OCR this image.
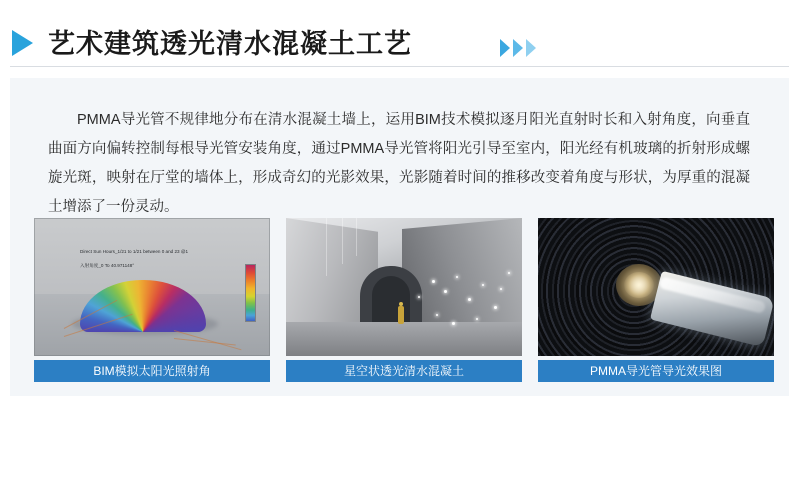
艺术建筑透光清水混凝土工艺
PMMA导光管不规律地分布在清水混凝土墙上，运用BIM技术模拟逐月阳光直射时长和入射角度，向垂直曲面方向偏转控制每根导光管安装角度，通过PMMA导光管将阳光引导至室内，阳光经有机玻璃的折射形成螺旋光斑，映射在厅堂的墙体上，形成奇幻的光影效果，光影随着时间的推移改变着角度与形状，为厚重的混凝土增添了一份灵动。
Direct Sun Hours_1/21 to 1/21 between 0 and 23 @1
入射角度_0 To 40.971148°
BIM模拟太阳光照射角	星空状透光清水混凝土	PMMA导光管导光效果图
